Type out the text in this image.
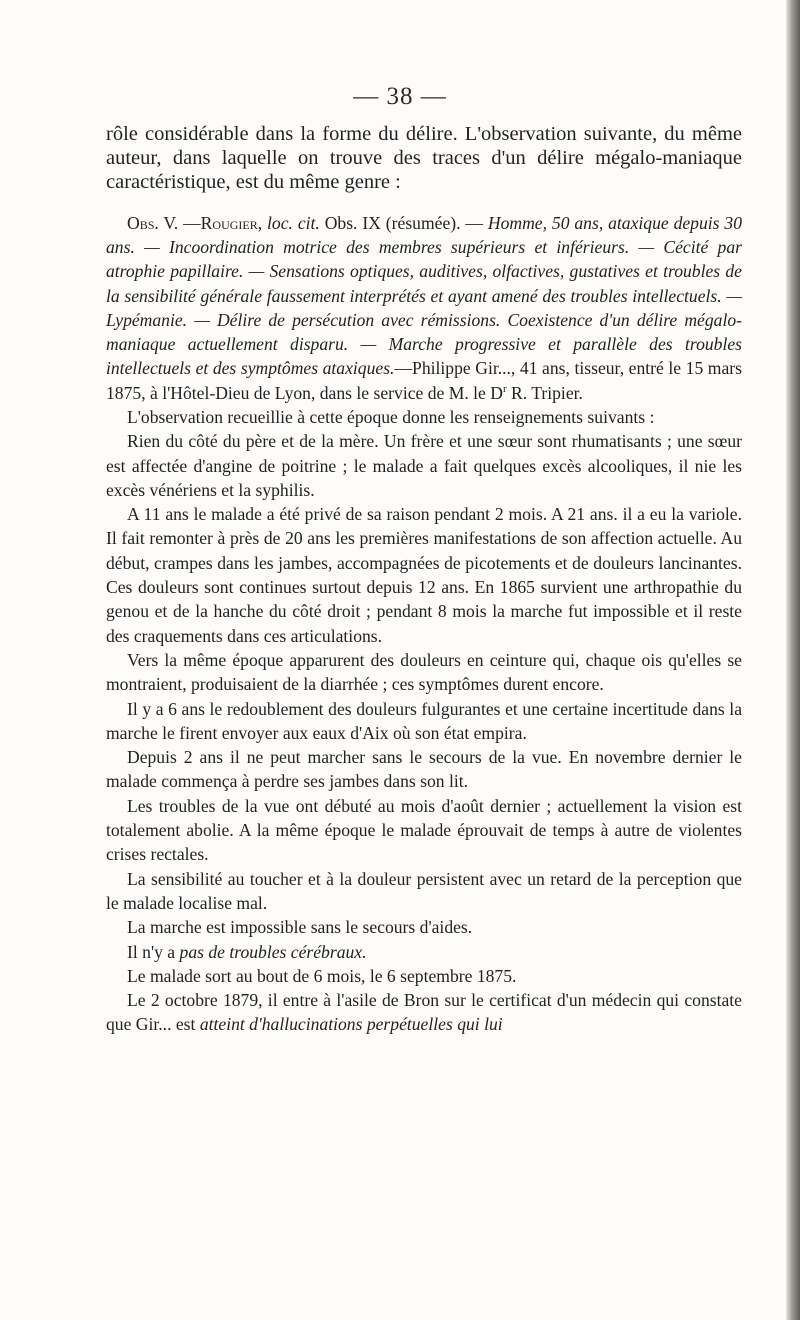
— 38 —

rôle considérable dans la forme du délire. L'observation suivante, du même auteur, dans laquelle on trouve des traces d'un délire mégalo-maniaque caractéristique, est du même genre :

Obs. V. —Rougier, loc. cit. Obs. IX (résumée). — Homme, 50 ans, ataxique depuis 30 ans. — Incoordination motrice des membres supérieurs et inférieurs. — Cécité par atrophie papillaire. — Sensations optiques, auditives, olfactives, gustatives et troubles de la sensibilité générale faussement interprétés et ayant amené des troubles intellectuels. — Lypémanie. — Délire de persécution avec rémissions. Coexistence d'un délire mégalo-maniaque actuellement disparu. — Marche progressive et parallèle des troubles intellectuels et des symptômes ataxiques.—Philippe Gir..., 41 ans, tisseur, entré le 15 mars 1875, à l'Hôtel-Dieu de Lyon, dans le service de M. le $D^r$ R. Tripier.

L'observation recueillie à cette époque donne les renseignements suivants :

Rien du côté du père et de la mère. Un frère et une sœur sont rhumatisants ; une sœur est affectée d'angine de poitrine ; le malade a fait quelques excès alcooliques, il nie les excès vénériens et la syphilis.

A 11 ans le malade a été privé de sa raison pendant 2 mois. A 21 ans. il a eu la variole. Il fait remonter à près de 20 ans les premières manifestations de son affection actuelle. Au début, crampes dans les jambes, accompagnées de picotements et de douleurs lancinantes. Ces douleurs sont continues surtout depuis 12 ans. En 1865 survient une arthropathie du genou et de la hanche du côté droit ; pendant 8 mois la marche fut impossible et il reste des craquements dans ces articulations.

Vers la même époque apparurent des douleurs en ceinture qui, chaque ois qu'elles se montraient, produisaient de la diarrhée ; ces symptômes durent encore.

Il y a 6 ans le redoublement des douleurs fulgurantes et une certaine incertitude dans la marche le firent envoyer aux eaux d'Aix où son état empira.

Depuis 2 ans il ne peut marcher sans le secours de la vue. En novembre dernier le malade commença à perdre ses jambes dans son lit.

Les troubles de la vue ont débuté au mois d'août dernier ; actuellement la vision est totalement abolie. A la même époque le malade éprouvait de temps à autre de violentes crises rectales.

La sensibilité au toucher et à la douleur persistent avec un retard de la perception que le malade localise mal.

La marche est impossible sans le secours d'aides.

Il n'y a pas de troubles cérébraux.

Le malade sort au bout de 6 mois, le 6 septembre 1875.

Le 2 octobre 1879, il entre à l'asile de Bron sur le certificat d'un médecin qui constate que Gir... est atteint d'hallucinations perpétuelles qui lui
